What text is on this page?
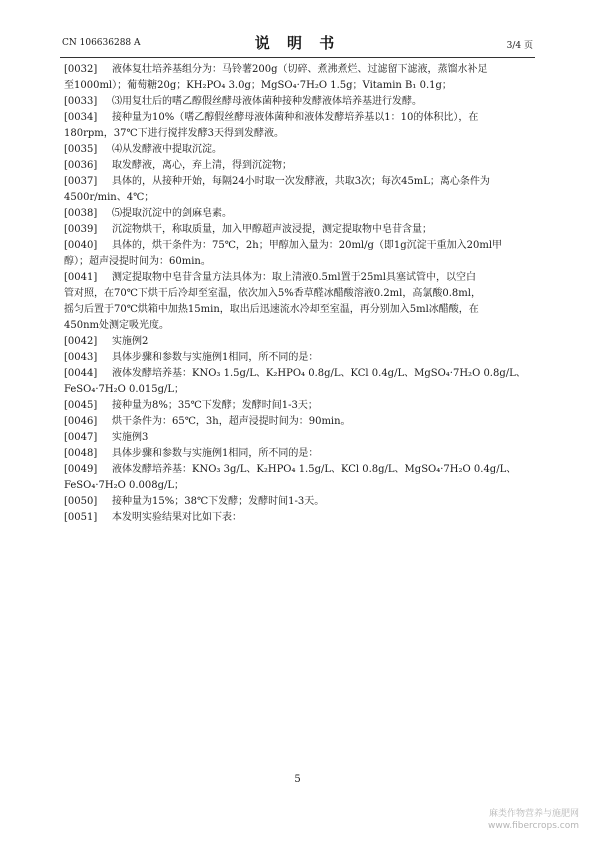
CN 106636288 A	说 明 书	3/4 页
[0032]	液体复壮培养基组分为：马铃薯200g（切碎、煮沸煮烂、过滤留下滤液，蒸馏水补足
至1000ml）；葡萄糖20g；KH₂PO₄ 3.0g；MgSO₄·7H₂O 1.5g；Vitamin B₁ 0.1g；
[0033]	⑶用复壮后的嗜乙醇假丝酵母液体菌种接种发酵液体培养基进行发酵。
[0034]	接种量为10%（嗜乙醇假丝酵母液体菌种和液体发酵培养基以1：10的体积比），在
180rpm，37℃下进行搅拌发酵3天得到发酵液。
[0035]	⑷从发酵液中提取沉淀。
[0036]	取发酵液，离心，弃上清，得到沉淀物；
[0037]	具体的，从接种开始，每隔24小时取一次发酵液，共取3次；每次45mL；离心条件为
4500r/min、4℃；
[0038]	⑸提取沉淀中的剑麻皂素。
[0039]	沉淀物烘干，称取质量，加入甲醇超声波浸提，测定提取物中皂苷含量；
[0040]	具体的，烘干条件为：75℃，2h；甲醇加入量为：20ml/g（即1g沉淀干重加入20ml甲
醇）；超声浸提时间为：60min。
[0041]	测定提取物中皂苷含量方法具体为：取上清液0.5ml置于25ml具塞试管中，以空白
管对照，在70℃下烘干后冷却至室温，依次加入5%香草醛冰醋酸溶液0.2ml，高氯酸0.8ml，
摇匀后置于70℃烘箱中加热15min，取出后迅速流水冷却至室温，再分别加入5ml冰醋酸，在
450nm处测定吸光度。
[0042]	实施例2
[0043]	具体步骤和参数与实施例1相同，所不同的是：
[0044]	液体发酵培养基：KNO₃ 1.5g/L、K₂HPO₄ 0.8g/L、KCl 0.4g/L、MgSO₄·7H₂O 0.8g/L、
FeSO₄·7H₂O 0.015g/L；
[0045]	接种量为8%；35℃下发酵；发酵时间1-3天；
[0046]	烘干条件为：65℃，3h，超声浸提时间为：90min。
[0047]	实施例3
[0048]	具体步骤和参数与实施例1相同，所不同的是：
[0049]	液体发酵培养基：KNO₃ 3g/L、K₂HPO₄ 1.5g/L、KCl 0.8g/L、MgSO₄·7H₂O 0.4g/L、
FeSO₄·7H₂O 0.008g/L；
[0050]	接种量为15%；38℃下发酵；发酵时间1-3天。
[0051]	本发明实验结果对比如下表：
5
麻类作物营养与施肥网
www.fibercrops.com
